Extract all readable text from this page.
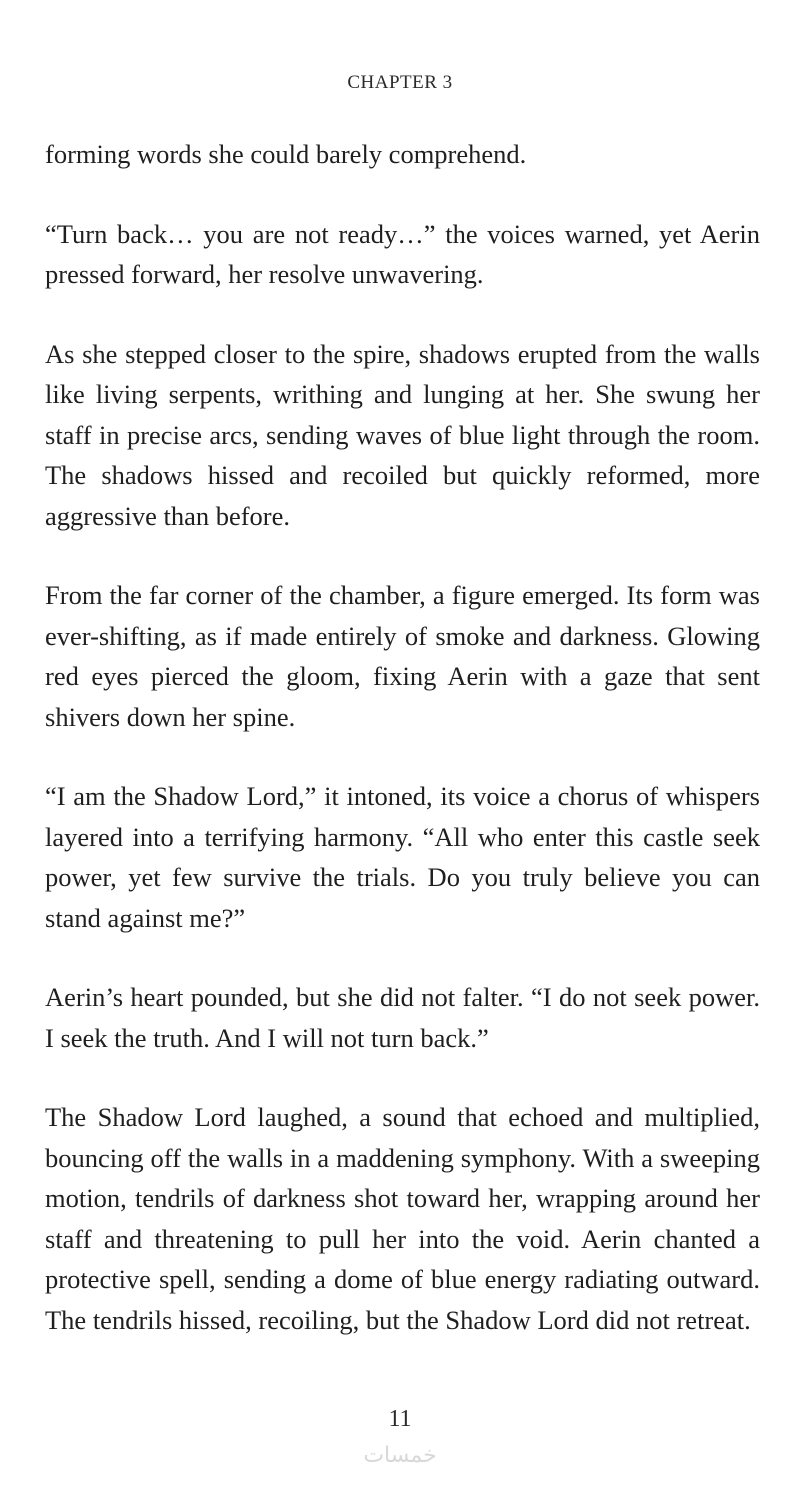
CHAPTER 3

forming words she could barely comprehend.

“Turn back… you are not ready…” the voices warned, yet Aerin pressed forward, her resolve unwavering.

As she stepped closer to the spire, shadows erupted from the walls like living serpents, writhing and lunging at her. She swung her staff in precise arcs, sending waves of blue light through the room. The shadows hissed and recoiled but quickly reformed, more aggressive than before.

From the far corner of the chamber, a figure emerged. Its form was ever-shifting, as if made entirely of smoke and darkness. Glowing red eyes pierced the gloom, fixing Aerin with a gaze that sent shivers down her spine.

“I am the Shadow Lord,” it intoned, its voice a chorus of whispers layered into a terrifying harmony. “All who enter this castle seek power, yet few survive the trials. Do you truly believe you can stand against me?”

Aerin’s heart pounded, but she did not falter. “I do not seek power. I seek the truth. And I will not turn back.”

The Shadow Lord laughed, a sound that echoed and multiplied, bouncing off the walls in a maddening symphony. With a sweeping motion, tendrils of darkness shot toward her, wrapping around her staff and threatening to pull her into the void. Aerin chanted a protective spell, sending a dome of blue energy radiating outward. The tendrils hissed, recoiling, but the Shadow Lord did not retreat.

11
خمسات
